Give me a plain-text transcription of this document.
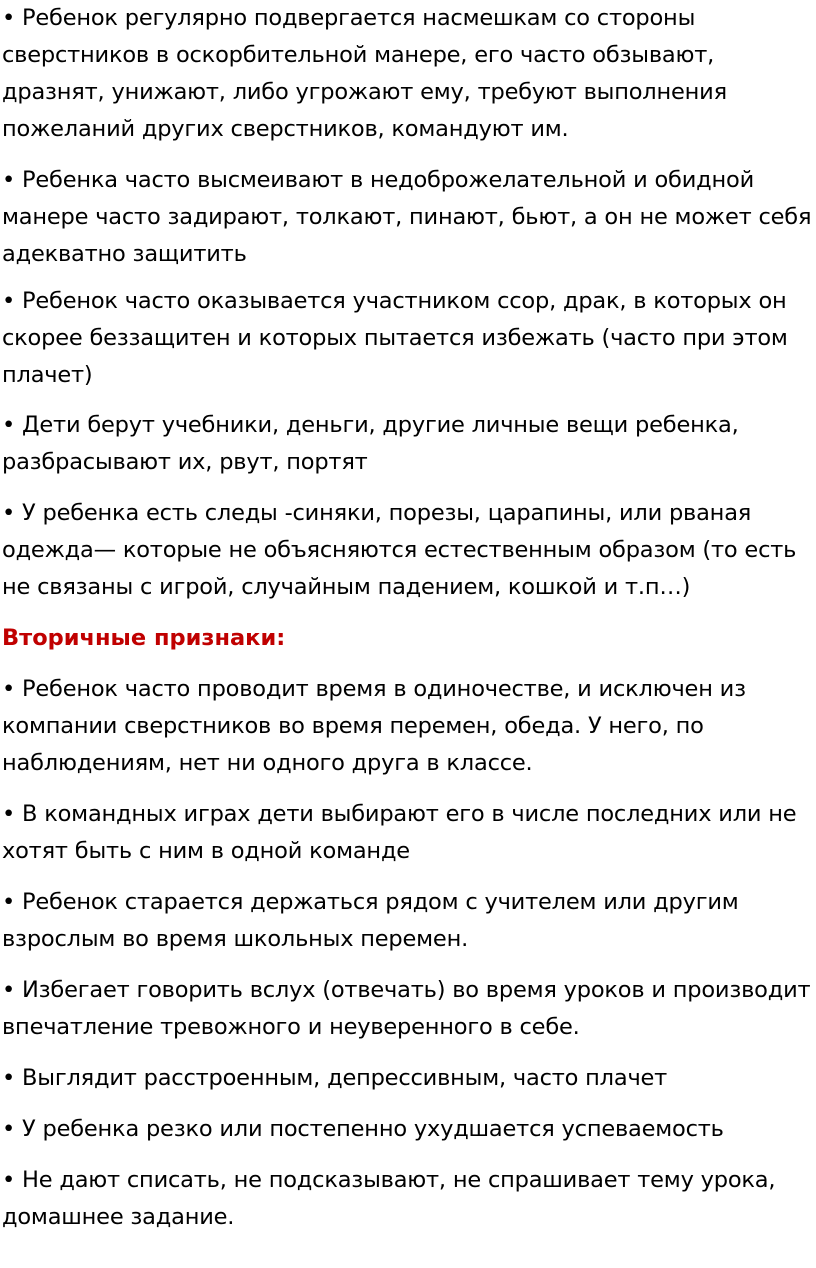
• Ребенок регулярно подвергается насмешкам со стороны сверстников в оскорбительной манере, его часто обзывают, дразнят, унижают, либо угрожают ему, требуют выполнения пожеланий других сверстников, командуют им.

• Ребенка часто высмеивают в недоброжелательной и обидной манере часто задирают, толкают, пинают, бьют, а он не может себя адекватно защитить

• Ребенок часто оказывается участником ссор, драк, в которых он скорее беззащитен и которых пытается избежать (часто при этом плачет)

• Дети берут учебники, деньги, другие личные вещи ребенка, разбрасывают их, рвут, портят

• У ребенка есть следы -синяки, порезы, царапины, или рваная одежда— которые не объясняются естественным образом (то есть не связаны с игрой, случайным падением, кошкой и т.п…)

Вторичные признаки:

• Ребенок часто проводит время в одиночестве, и исключен из компании сверстников во время перемен, обеда. У него, по наблюдениям, нет ни одного друга в классе.

• В командных играх дети выбирают его в числе последних или не хотят быть с ним в одной команде

• Ребенок старается держаться рядом с учителем или другим взрослым во время школьных перемен.

• Избегает говорить вслух (отвечать) во время уроков и производит впечатление тревожного и неуверенного в себе.

• Выглядит расстроенным, депрессивным, часто плачет

• У ребенка резко или постепенно ухудшается успеваемость

• Не дают списать, не подсказывают, не спрашивает тему урока, домашнее задание.
